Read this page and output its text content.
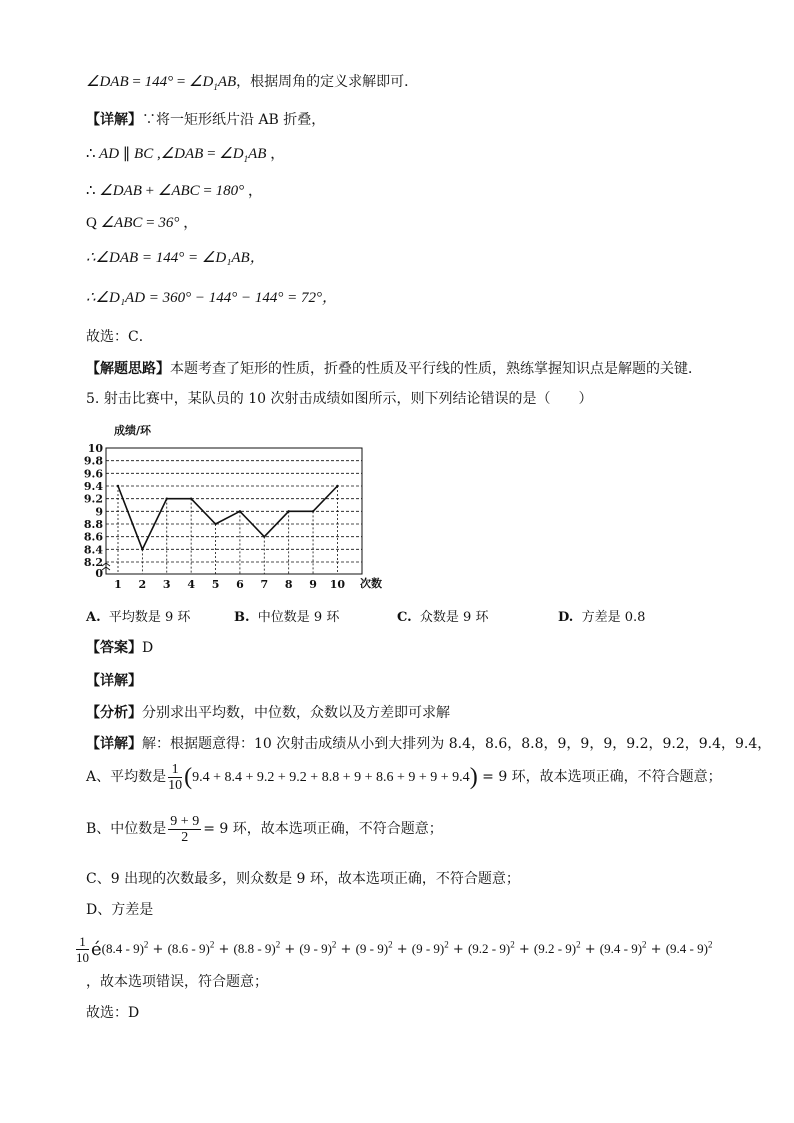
∠DAB = $144^\circ = \angle D_1AB$，根据周角的定义求解即可．
【详解】∵将一矩形纸片沿 AB 折叠，
∴ AD ∥ BC ,∠DAB = $\angle D_1AB$ ，
∴ ∠DAB + ∠ABC = 180° ，
Q ∠ABC = 36° ，
∴∠DAB = 144° = ∠D₁AB，
∴∠D₁AD = 360° − 144° − 144° = 72°，
故选：C．
【解题思路】本题考查了矩形的性质，折叠的性质及平行线的性质，熟练掌握知识点是解题的关键．
5. 射击比赛中，某队员的 10 次射击成绩如图所示，则下列结论错误的是（　　）
10
9.8
9.6
9.4
9.2
9
8.8
8.6
8.4
8.2
0
1 2 3 4 5 6 7 8 9 10
成绩/环
次数
A. 平均数是 9 环	B. 中位数是 9 环	C. 众数是 9 环	D. 方差是 0.8
【答案】D
【详解】
【分析】分别求出平均数，中位数，众数以及方差即可求解
【详解】解：根据题意得：10 次射击成绩从小到大排列为 8.4，8.6，8.8，9，9，9，9.2，9.2，9.4，9.4，
A、平均数是 $\frac{1}{10} (9.4 + 8.4 + 9.2 + 9.2 + 8.8 + 9 + 8.6 + 9 + 9 + 9.4) = 9$ 环，故本选项正确，不符合题意；
B、中位数是 $\frac{9 + 9}{2} = 9$ 环，故本选项正确，不符合题意；
C、9 出现的次数最多，则众数是 9 环，故本选项正确，不符合题意；
D、方差是
$\frac{1}{10}$ é(8.4 - 9)$^2$ + (8.6 - 9)$^2$ + (8.8 - 9)$^2$ + (9 - 9)$^2$ + (9 - 9)$^2$ + (9 - 9)$^2$ + (9.2 - 9)$^2$ + (9.2 - 9)$^2$ + (9.4 - 9)$^2$ + (9.4 - 9)$^2$
，故本选项错误，符合题意；
故选：D
